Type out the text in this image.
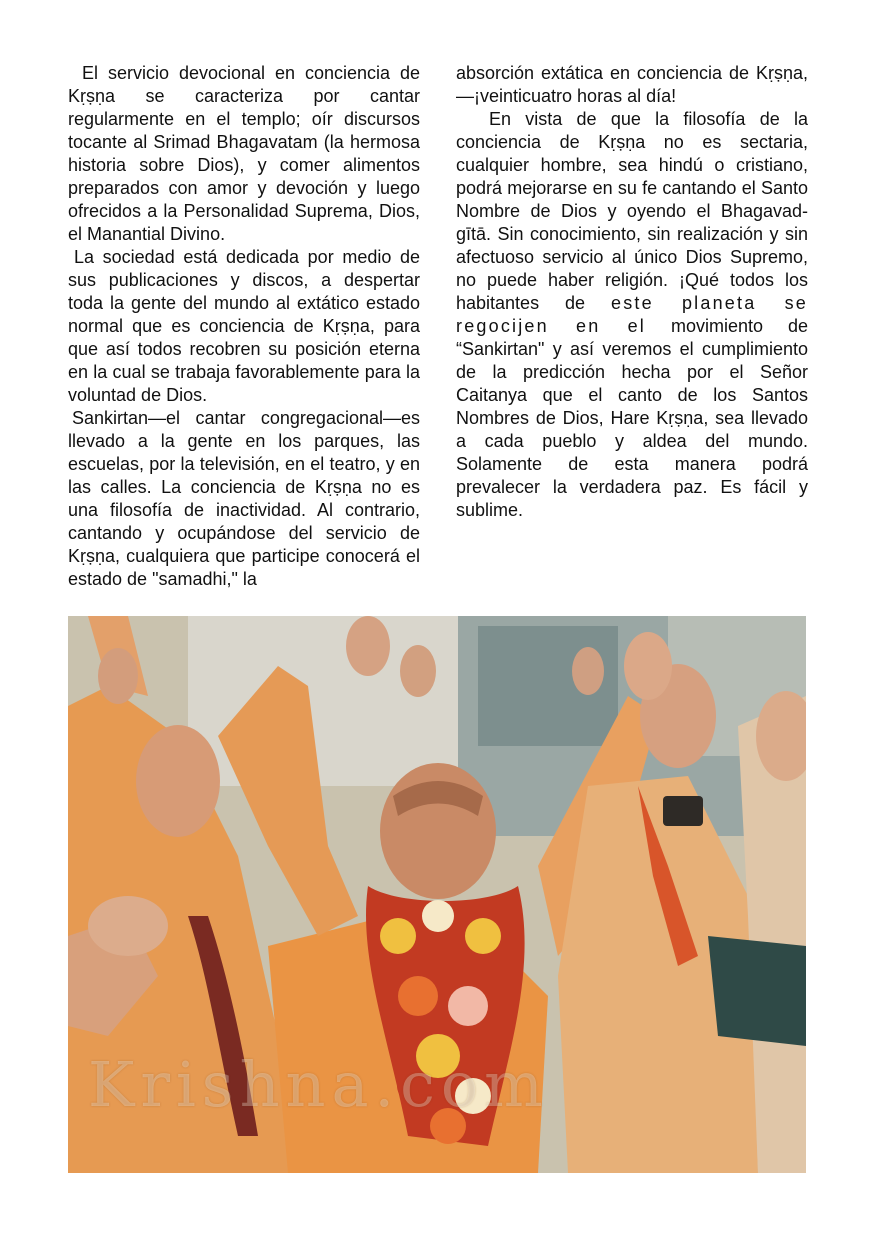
El servicio devocional en conciencia de Kṛṣṇa se caracteriza por cantar regularmente en el templo; oír discursos tocante al Srimad Bhagavatam (la hermosa historia sobre Dios), y comer alimentos preparados con amor y devoción y luego ofrecidos a la Personalidad Suprema, Dios, el Manantial Divino.

La sociedad está dedicada por medio de sus publicaciones y discos, a despertar toda la gente del mundo al extático estado normal que es conciencia de Kṛṣṇa, para que así todos recobren su posición eterna en la cual se trabaja favorablemente para la voluntad de Dios.

Sankirtan—el cantar congregacional—es llevado a la gente en los parques, las escuelas, por la televisión, en el teatro, y en las calles. La conciencia de Kṛṣṇa no es una filosofía de inactividad. Al contrario, cantando y ocupándose del servicio de Kṛṣṇa, cualquiera que participe conocerá el estado de "samadhi," la

absorción extática en conciencia de Kṛṣṇa, —¡veinticuatro horas al día!

En vista de que la filosofía de la conciencia de Kṛṣṇa no es sectaria, cualquier hombre, sea hindú o cristiano, podrá mejorarse en su fe cantando el Santo Nombre de Dios y oyendo el Bhagavad-gītā. Sin conocimiento, sin realización y sin afectuoso servicio al único Dios Supremo, no puede haber religión. ¡Qué todos los habitantes de este planeta se regocijen en el movimiento de “Sankirtan" y así veremos el cumplimiento de la predicción hecha por el Señor Caitanya que el canto de los Santos Nombres de Dios, Hare Kṛṣṇa, sea llevado a cada pueblo y aldea del mundo. Solamente de esta manera podrá prevalecer la verdadera paz. Es fácil y sublime.

Krishna.com
